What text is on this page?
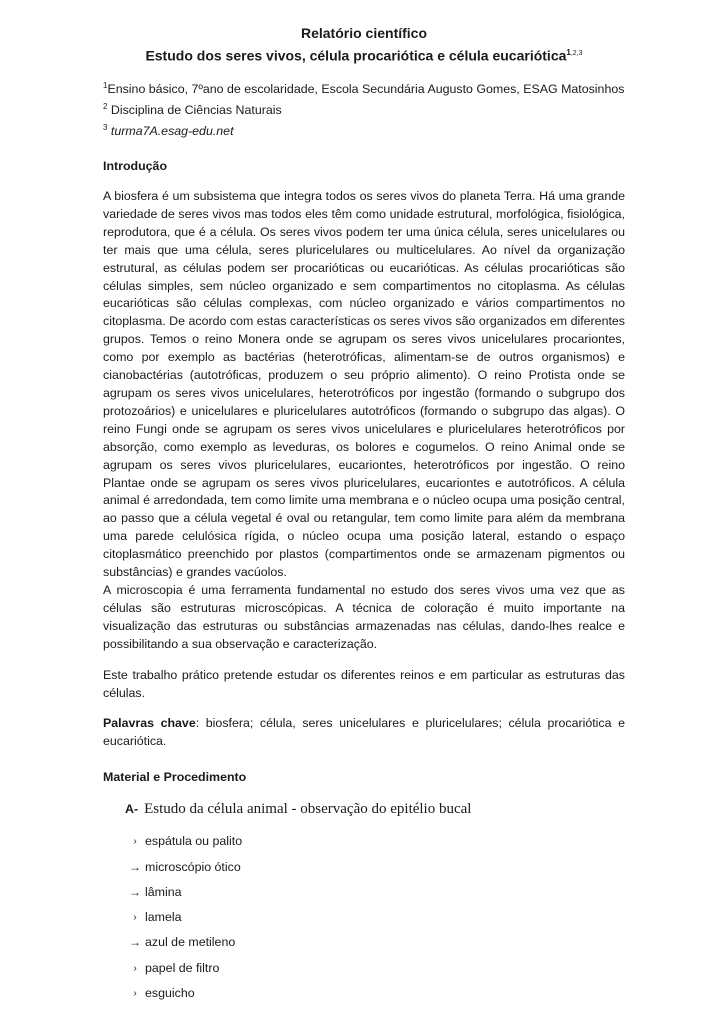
Relatório científico
Estudo dos seres vivos, célula procariótica e célula eucariótica$^{1,2,3}$
$^1$Ensino básico, 7ºano de escolaridade, Escola Secundária Augusto Gomes, ESAG Matosinhos
$^2$ Disciplina de Ciências Naturais
$^3$ turma7A.esag-edu.net
Introdução
A biosfera é um subsistema que integra todos os seres vivos do planeta Terra. Há uma grande variedade de seres vivos mas todos eles têm como unidade estrutural, morfológica, fisiológica, reprodutora, que é a célula. Os seres vivos podem ter uma única célula, seres unicelulares ou ter mais que uma célula, seres pluricelulares ou multicelulares. Ao nível da organização estrutural, as células podem ser procarióticas ou eucarióticas. As células procarióticas são células simples, sem núcleo organizado e sem compartimentos no citoplasma. As células eucarióticas são células complexas, com núcleo organizado e vários compartimentos no citoplasma. De acordo com estas características os seres vivos são organizados em diferentes grupos. Temos o reino Monera onde se agrupam os seres vivos unicelulares procariontes, como por exemplo as bactérias (heterotróficas, alimentam-se de outros organismos) e cianobactérias (autotróficas, produzem o seu próprio alimento). O reino Protista onde se agrupam os seres vivos unicelulares, heterotróficos por ingestão (formando o subgrupo dos protozoários) e unicelulares e pluricelulares autotróficos (formando o subgrupo das algas). O reino Fungi onde se agrupam os seres vivos unicelulares e pluricelulares heterotróficos por absorção, como exemplo as leveduras, os bolores e cogumelos. O reino Animal onde se agrupam os seres vivos pluricelulares, eucariontes, heterotróficos por ingestão. O reino Plantae onde se agrupam os seres vivos pluricelulares, eucariontes e autotróficos. A célula animal é arredondada, tem como limite uma membrana e o núcleo ocupa uma posição central, ao passo que a célula vegetal é oval ou retangular, tem como limite para além da membrana uma parede celulósica rígida, o núcleo ocupa uma posição lateral, estando o espaço citoplasmático preenchido por plastos (compartimentos onde se armazenam pigmentos ou substâncias) e grandes vacúolos.
A microscopia é uma ferramenta fundamental no estudo dos seres vivos uma vez que as células são estruturas microscópicas. A técnica de coloração é muito importante na visualização das estruturas ou substâncias armazenadas nas células, dando-lhes realce e possibilitando a sua observação e caracterização.
Este trabalho prático pretende estudar os diferentes reinos e em particular as estruturas das células.
Palavras chave: biosfera; célula, seres unicelulares e pluricelulares; célula procariótica e eucariótica.
Material e Procedimento
A- Estudo da célula animal - observação do epitélio bucal
› espátula ou palito
→ microscópio ótico
→ lâmina
› lamela
→ azul de metileno
› papel de filtro
› esguicho
